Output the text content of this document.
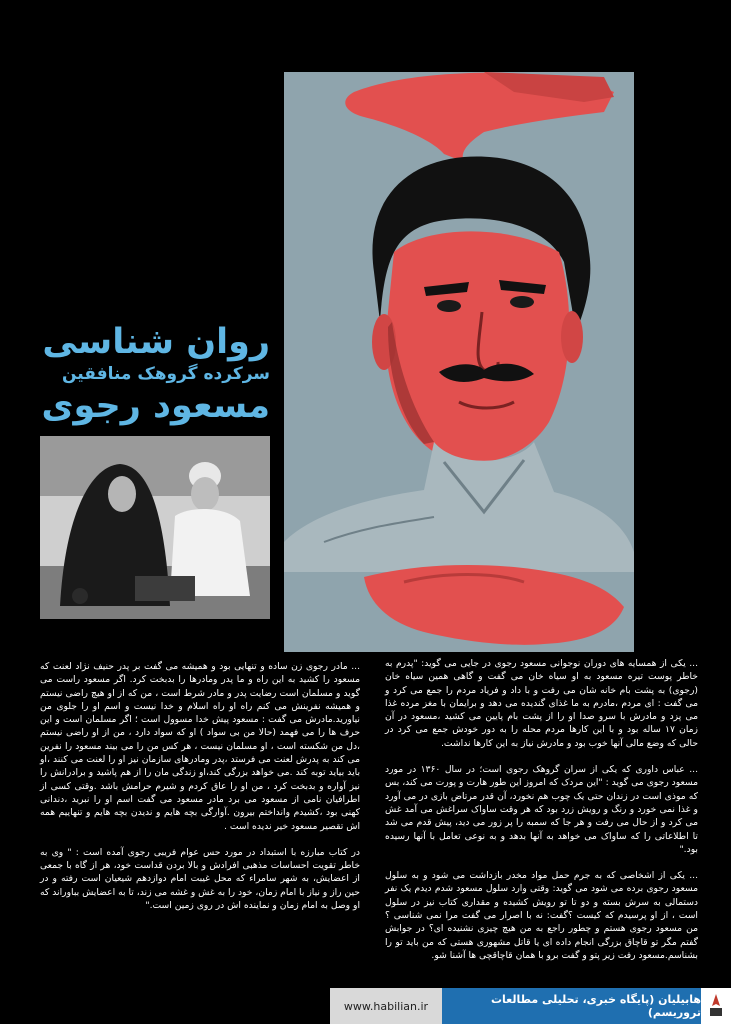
روان شناسی
سرکرده گروهک منافقین
مسعود رجوی

... یکی از همسایه های دوران نوجوانی مسعود رجوی در جایی می گوید: "پدرم به خاطر پوست تیره مسعود به او سیاه خان می گفت و گاهی همین سیاه خان (رجوی) به پشت بام خانه شان می رفت و با داد و فریاد مردم را جمع می کرد و می گفت : ای مردم ،مادرم به ما غذای گندیده می دهد و برایمان با مغز مرده غذا می پزد و مادرش با سرو صدا او را از پشت بام پایین می کشید ،مسعود در آن زمان ۱۷ ساله بود و با این کارها مردم محله را به دور خودش جمع می کرد در حالی که وضع مالی آنها خوب بود و مادرش نیاز به این کارها نداشت.

... عباس داوری که یکی از سران گروهک رجوی است؛ در سال ۱۳۶۰ در مورد مسعود رجوی می گوید : "این مردک که امروز این طور هارت و پورت می کند، بس که موذی است در زندان حتی یک چوب هم نخورد، آن قدر مرتاض بازی در می آورد و غذا نمی خورد و رنگ و رویش زرد بود که هر وقت ساواک سراغش می آمد غش می کرد و از حال می رفت و هر جا که سمبه را پر زور می دید، پیش قدم می شد تا اطلاعاتی را که ساواک می خواهد به آنها بدهد و به نوعی تعامل با آنها رسیده بود."

... یکی از اشخاصی که به جرم حمل مواد مخدر بازداشت می شود و به سلول مسعود رجوی برده می شود می گوید: وقتی وارد سلول مسعود شدم دیدم یک نفر دستمالی به سرش بسته و دو تا تو رویش کشیده و مقداری کتاب نیز در سلول است ، از او پرسیدم که کیست ؟گفت: نه با اصرار می گفت مرا نمی شناسی ؟ من مسعود رجوی هستم و چطور راجع به من هیچ چیزی نشنیده ای؟ در جوابش گفتم مگر تو قاچاق بزرگی انجام داده ای یا قاتل مشهوری هستی که من باید تو را بشناسم.مسعود رفت زیر پتو و گفت برو با همان قاچاقچی ها آشنا شو.

... مادر رجوی زن ساده و تنهایی بود و همیشه می گفت بر پدر حنیف نژاد لعنت که مسعود را کشید به این راه و ما پدر ومادرها را بدبخت کرد. اگر مسعود راست می گوید و مسلمان است رضایت پدر و مادر شرط است ، من که از او هیچ راضی نیستم و همیشه نفرینش می کنم راه او راه اسلام و خدا نیست و اسم او را جلوی من نیاورید.مادرش می گفت : مسعود پیش خدا مسوول است ؛ اگر مسلمان است و این حرف ها را می فهمد (حالا من بی سواد ) او که سواد دارد ، من از او راضی نیستم ،دل من شکسته است ، او مسلمان نیست ، هر کس من را می بیند مسعود را نفرین می کند به پدرش لعنت می فرستد ،پدر ومادرهای سازمان نیز او را لعنت می کنند ،او باید بیاید توبه کند .می خواهد بزرگی کند،او زندگی مان را از هم پاشید و برادرانش را نیز آواره و بدبخت کرد ، من او را عاق کردم و شیرم حرامش باشد .وقتی کسی از اطرافیان نامی از مسعود می برد مادر مسعود می گفت اسم او را نبرید ،دندانی کهنی بود ،کشیدم وانداختم بیرون .آوارگی بچه هایم و ندیدن بچه هایم و تنهاییم همه اش تقصیر مسعود خیر ندیده است .

در کتاب مبارزه با استبداد در مورد حس عوام فریبی رجوی آمده است : " وی به خاطر تقویت احساسات مذهبی افرادش و بالا بردن قداست خود، هر از گاه با جمعی از اعضایش، به شهر سامراء که محل غیبت امام دوازدهم شیعیان است رفته و در حین راز و نیاز با امام زمان، خود را به غش و غشه می زند، تا به اعضایش بباوراند که او وصل به امام زمان و نماینده اش در روی زمین است."

www.habilian.ir	هابیلیان (پایگاه خبری، تحلیلی مطالعات تروریسم)
